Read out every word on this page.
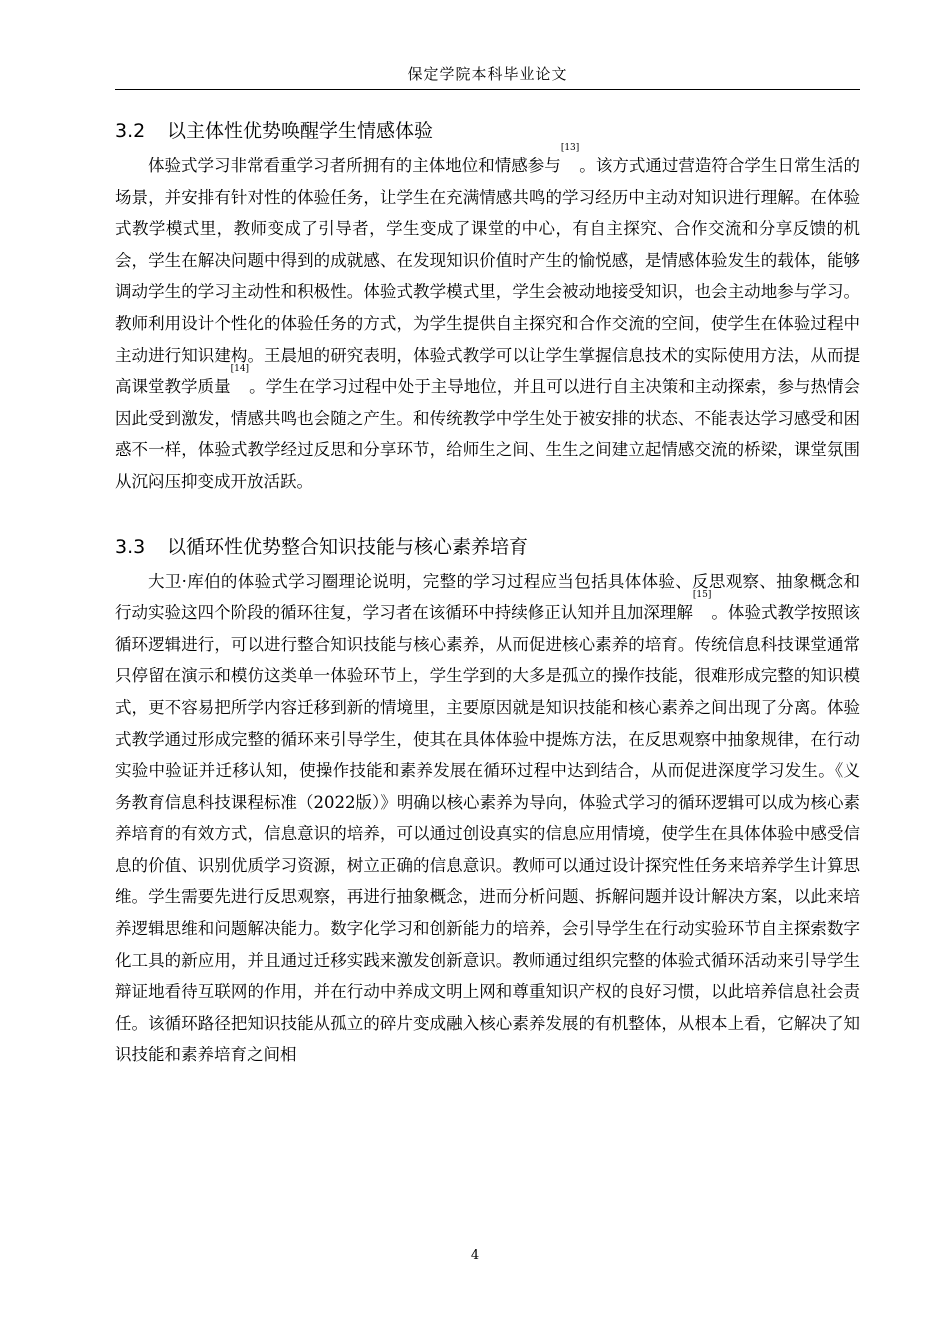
保定学院本科毕业论文
3.2 以主体性优势唤醒学生情感体验

体验式学习非常看重学习者所拥有的主体地位和情感参与[13]。该方式通过营造符合学生日常生活的场景，并安排有针对性的体验任务，让学生在充满情感共鸣的学习经历中主动对知识进行理解。在体验式教学模式里，教师变成了引导者，学生变成了课堂的中心，有自主探究、合作交流和分享反馈的机会，学生在解决问题中得到的成就感、在发现知识价值时产生的愉悦感，是情感体验发生的载体，能够调动学生的学习主动性和积极性。体验式教学模式里，学生会被动地接受知识，也会主动地参与学习。教师利用设计个性化的体验任务的方式，为学生提供自主探究和合作交流的空间，使学生在体验过程中主动进行知识建构。王晨旭的研究表明，体验式教学可以让学生掌握信息技术的实际使用方法，从而提高课堂教学质量[14]。学生在学习过程中处于主导地位，并且可以进行自主决策和主动探索，参与热情会因此受到激发，情感共鸣也会随之产生。和传统教学中学生处于被安排的状态、不能表达学习感受和困惑不一样，体验式教学经过反思和分享环节，给师生之间、生生之间建立起情感交流的桥梁，课堂氛围从沉闷压抑变成开放活跃。

3.3 以循环性优势整合知识技能与核心素养培育

大卫·库伯的体验式学习圈理论说明，完整的学习过程应当包括具体体验、反思观察、抽象概念和行动实验这四个阶段的循环往复，学习者在该循环中持续修正认知并且加深理解[15]。体验式教学按照该循环逻辑进行，可以进行整合知识技能与核心素养，从而促进核心素养的培育。传统信息科技课堂通常只停留在演示和模仿这类单一体验环节上，学生学到的大多是孤立的操作技能，很难形成完整的知识模式，更不容易把所学内容迁移到新的情境里，主要原因就是知识技能和核心素养之间出现了分离。体验式教学通过形成完整的循环来引导学生，使其在具体体验中提炼方法，在反思观察中抽象规律，在行动实验中验证并迁移认知，使操作技能和素养发展在循环过程中达到结合，从而促进深度学习发生。《义务教育信息科技课程标准（2022版）》明确以核心素养为导向，体验式学习的循环逻辑可以成为核心素养培育的有效方式，信息意识的培养，可以通过创设真实的信息应用情境，使学生在具体体验中感受信息的价值、识别优质学习资源，树立正确的信息意识。教师可以通过设计探究性任务来培养学生计算思维。学生需要先进行反思观察，再进行抽象概念，进而分析问题、拆解问题并设计解决方案，以此来培养逻辑思维和问题解决能力。数字化学习和创新能力的培养，会引导学生在行动实验环节自主探索数字化工具的新应用，并且通过迁移实践来激发创新意识。教师通过组织完整的体验式循环活动来引导学生辩证地看待互联网的作用，并在行动中养成文明上网和尊重知识产权的良好习惯，以此培养信息社会责任。该循环路径把知识技能从孤立的碎片变成融入核心素养发展的有机整体，从根本上看，它解决了知识技能和素养培育之间相

4
